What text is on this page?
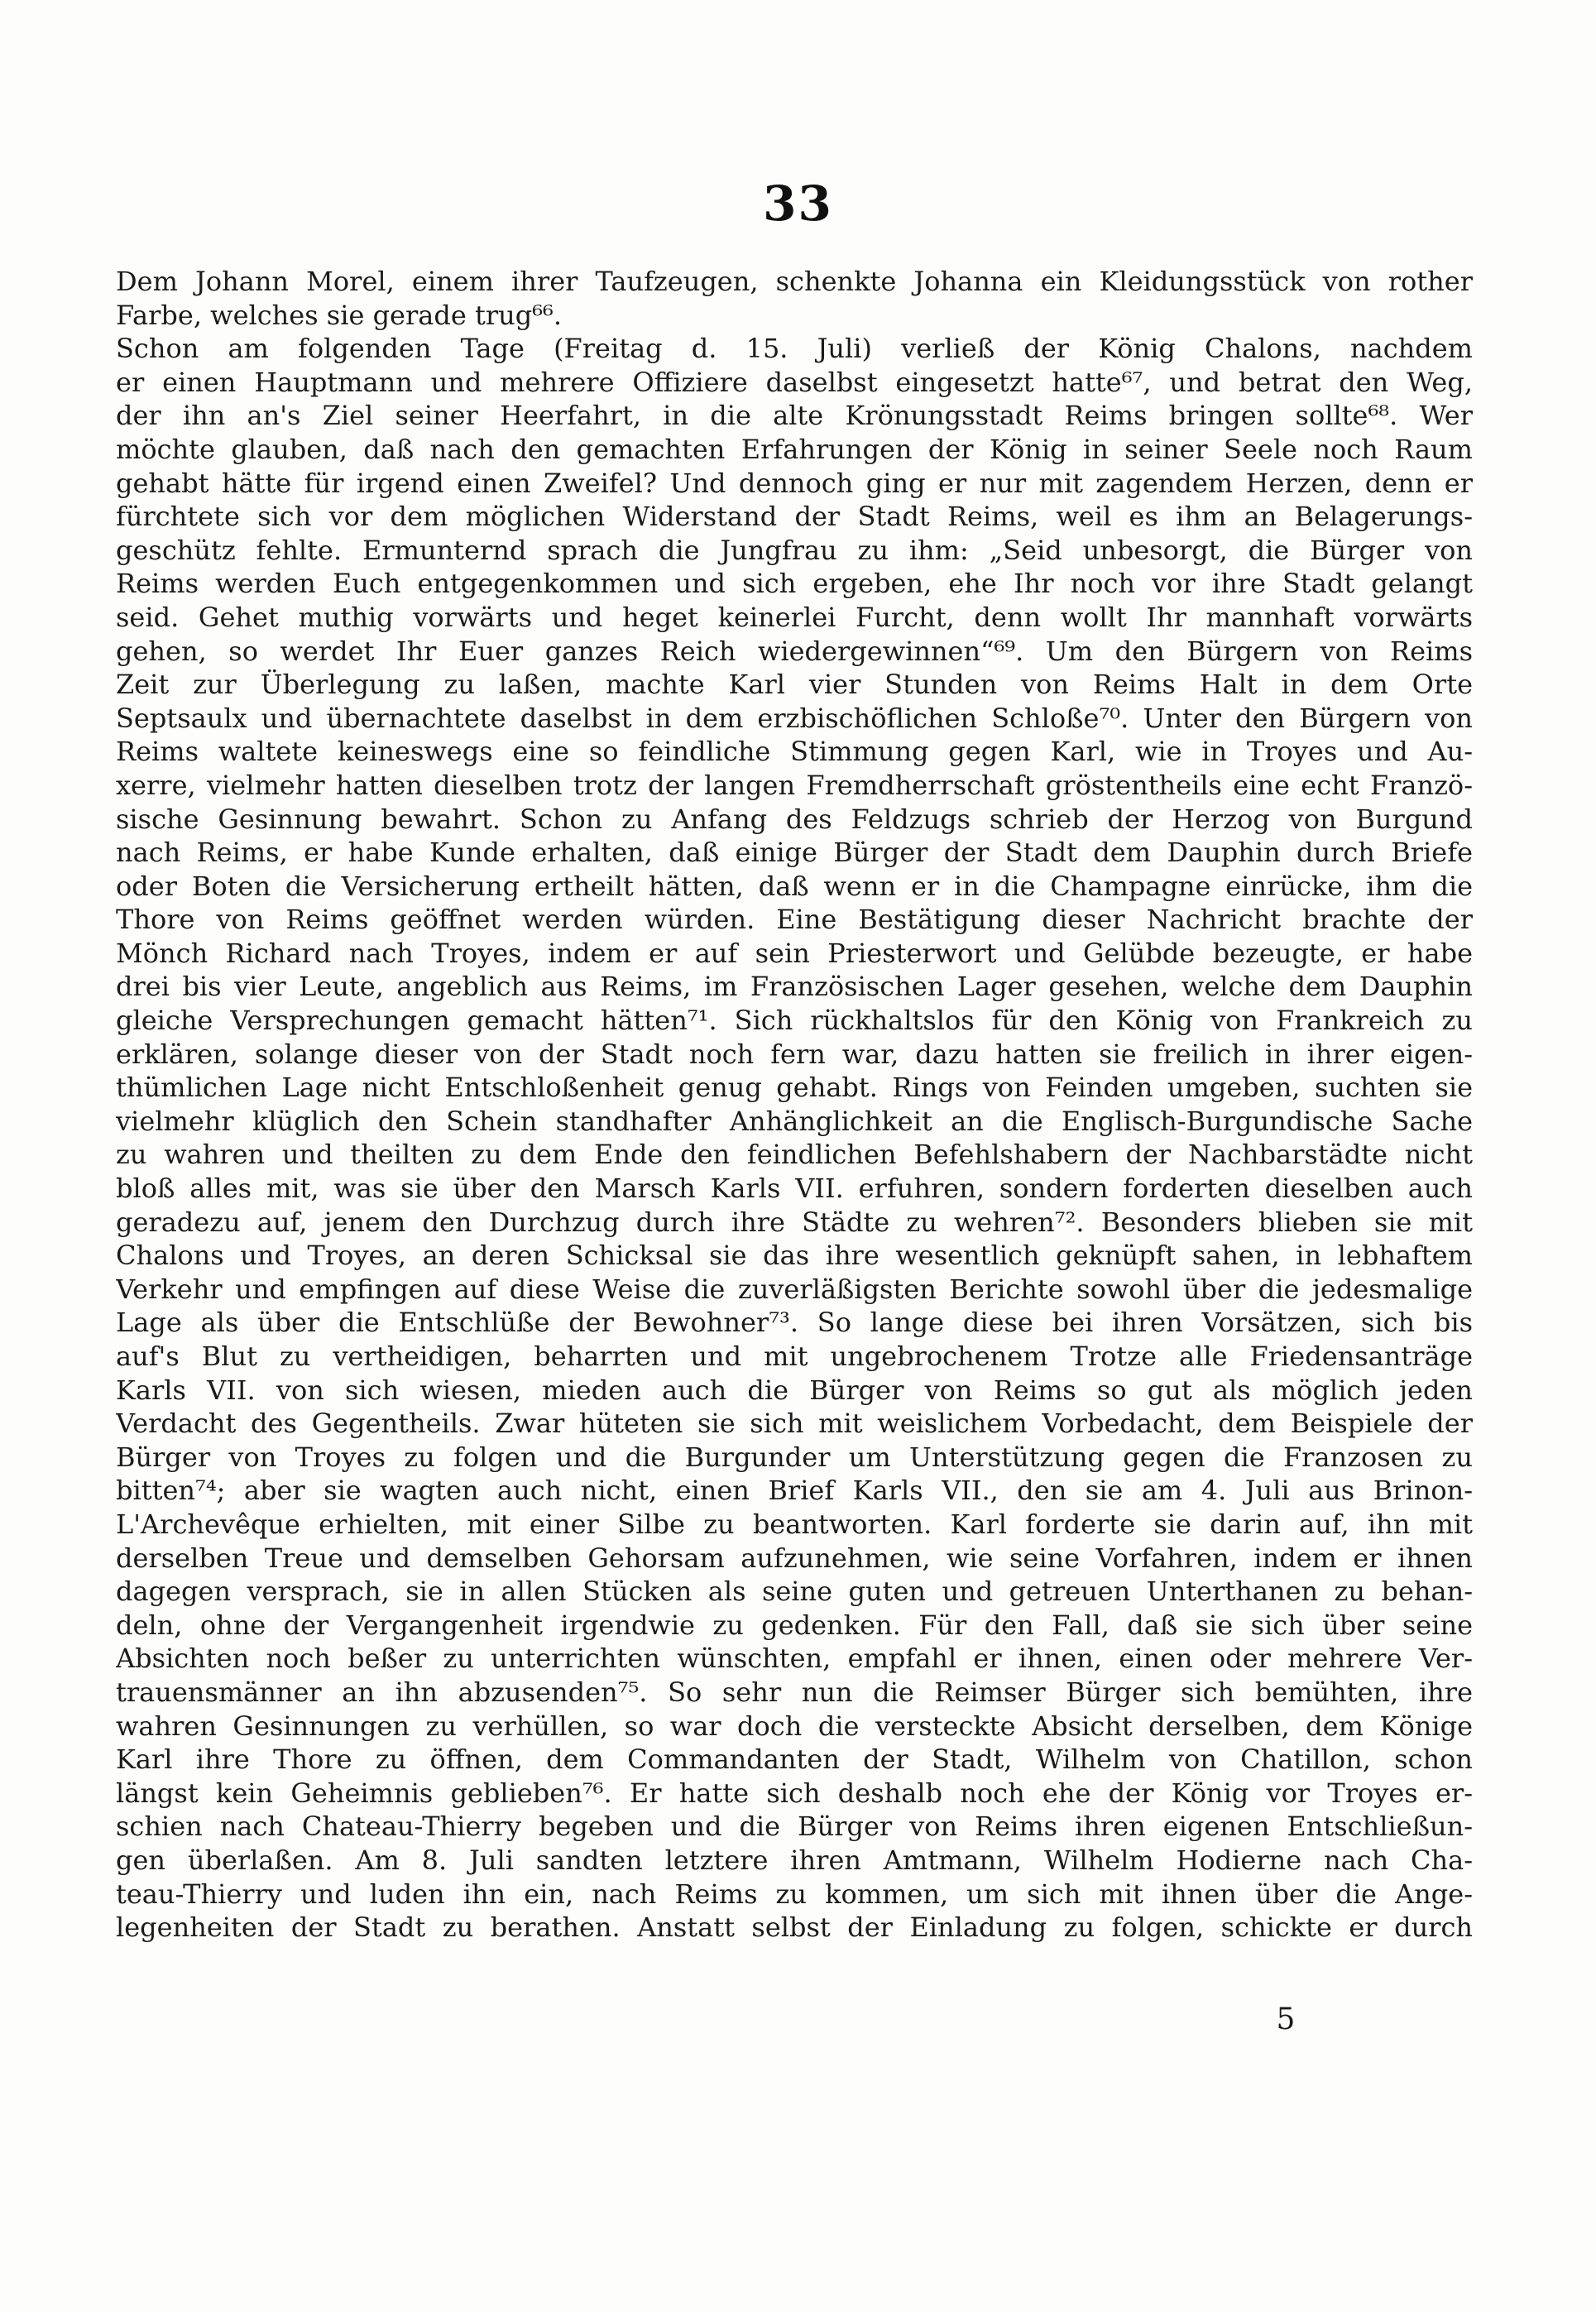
33
Dem Johann Morel, einem ihrer Taufzeugen, schenkte Johanna ein Kleidungsstück von rother
Farbe, welches sie gerade trug⁶⁶.
Schon am folgenden Tage (Freitag d. 15. Juli) verließ der König Chalons, nachdem
er einen Hauptmann und mehrere Offiziere daselbst eingesetzt hatte⁶⁷, und betrat den Weg,
der ihn an's Ziel seiner Heerfahrt, in die alte Krönungsstadt Reims bringen sollte⁶⁸. Wer
möchte glauben, daß nach den gemachten Erfahrungen der König in seiner Seele noch Raum
gehabt hätte für irgend einen Zweifel? Und dennoch ging er nur mit zagendem Herzen, denn er
fürchtete sich vor dem möglichen Widerstand der Stadt Reims, weil es ihm an Belagerungs-
geschütz fehlte. Ermunternd sprach die Jungfrau zu ihm: „Seid unbesorgt, die Bürger von
Reims werden Euch entgegenkommen und sich ergeben, ehe Ihr noch vor ihre Stadt gelangt
seid. Gehet muthig vorwärts und heget keinerlei Furcht, denn wollt Ihr mannhaft vorwärts
gehen, so werdet Ihr Euer ganzes Reich wiedergewinnen“⁶⁹. Um den Bürgern von Reims
Zeit zur Überlegung zu laßen, machte Karl vier Stunden von Reims Halt in dem Orte
Septsaulx und übernachtete daselbst in dem erzbischöflichen Schloße⁷⁰. Unter den Bürgern von
Reims waltete keineswegs eine so feindliche Stimmung gegen Karl, wie in Troyes und Au-
xerre, vielmehr hatten dieselben trotz der langen Fremdherrschaft gröstentheils eine echt Franzö-
sische Gesinnung bewahrt. Schon zu Anfang des Feldzugs schrieb der Herzog von Burgund
nach Reims, er habe Kunde erhalten, daß einige Bürger der Stadt dem Dauphin durch Briefe
oder Boten die Versicherung ertheilt hätten, daß wenn er in die Champagne einrücke, ihm die
Thore von Reims geöffnet werden würden. Eine Bestätigung dieser Nachricht brachte der
Mönch Richard nach Troyes, indem er auf sein Priesterwort und Gelübde bezeugte, er habe
drei bis vier Leute, angeblich aus Reims, im Französischen Lager gesehen, welche dem Dauphin
gleiche Versprechungen gemacht hätten⁷¹. Sich rückhaltslos für den König von Frankreich zu
erklären, solange dieser von der Stadt noch fern war, dazu hatten sie freilich in ihrer eigen-
thümlichen Lage nicht Entschloßenheit genug gehabt. Rings von Feinden umgeben, suchten sie
vielmehr klüglich den Schein standhafter Anhänglichkeit an die Englisch-Burgundische Sache
zu wahren und theilten zu dem Ende den feindlichen Befehlshabern der Nachbarstädte nicht
bloß alles mit, was sie über den Marsch Karls VII. erfuhren, sondern forderten dieselben auch
geradezu auf, jenem den Durchzug durch ihre Städte zu wehren⁷². Besonders blieben sie mit
Chalons und Troyes, an deren Schicksal sie das ihre wesentlich geknüpft sahen, in lebhaftem
Verkehr und empfingen auf diese Weise die zuverläßigsten Berichte sowohl über die jedesmalige
Lage als über die Entschlüße der Bewohner⁷³. So lange diese bei ihren Vorsätzen, sich bis
auf's Blut zu vertheidigen, beharrten und mit ungebrochenem Trotze alle Friedensanträge
Karls VII. von sich wiesen, mieden auch die Bürger von Reims so gut als möglich jeden
Verdacht des Gegentheils. Zwar hüteten sie sich mit weislichem Vorbedacht, dem Beispiele der
Bürger von Troyes zu folgen und die Burgunder um Unterstützung gegen die Franzosen zu
bitten⁷⁴; aber sie wagten auch nicht, einen Brief Karls VII., den sie am 4. Juli aus Brinon-
L'Archevêque erhielten, mit einer Silbe zu beantworten. Karl forderte sie darin auf, ihn mit
derselben Treue und demselben Gehorsam aufzunehmen, wie seine Vorfahren, indem er ihnen
dagegen versprach, sie in allen Stücken als seine guten und getreuen Unterthanen zu behan-
deln, ohne der Vergangenheit irgendwie zu gedenken. Für den Fall, daß sie sich über seine
Absichten noch beßer zu unterrichten wünschten, empfahl er ihnen, einen oder mehrere Ver-
trauensmänner an ihn abzusenden⁷⁵. So sehr nun die Reimser Bürger sich bemühten, ihre
wahren Gesinnungen zu verhüllen, so war doch die versteckte Absicht derselben, dem Könige
Karl ihre Thore zu öffnen, dem Commandanten der Stadt, Wilhelm von Chatillon, schon
längst kein Geheimnis geblieben⁷⁶. Er hatte sich deshalb noch ehe der König vor Troyes er-
schien nach Chateau-Thierry begeben und die Bürger von Reims ihren eigenen Entschließun-
gen überlaßen. Am 8. Juli sandten letztere ihren Amtmann, Wilhelm Hodierne nach Cha-
teau-Thierry und luden ihn ein, nach Reims zu kommen, um sich mit ihnen über die Ange-
legenheiten der Stadt zu berathen. Anstatt selbst der Einladung zu folgen, schickte er durch
5
